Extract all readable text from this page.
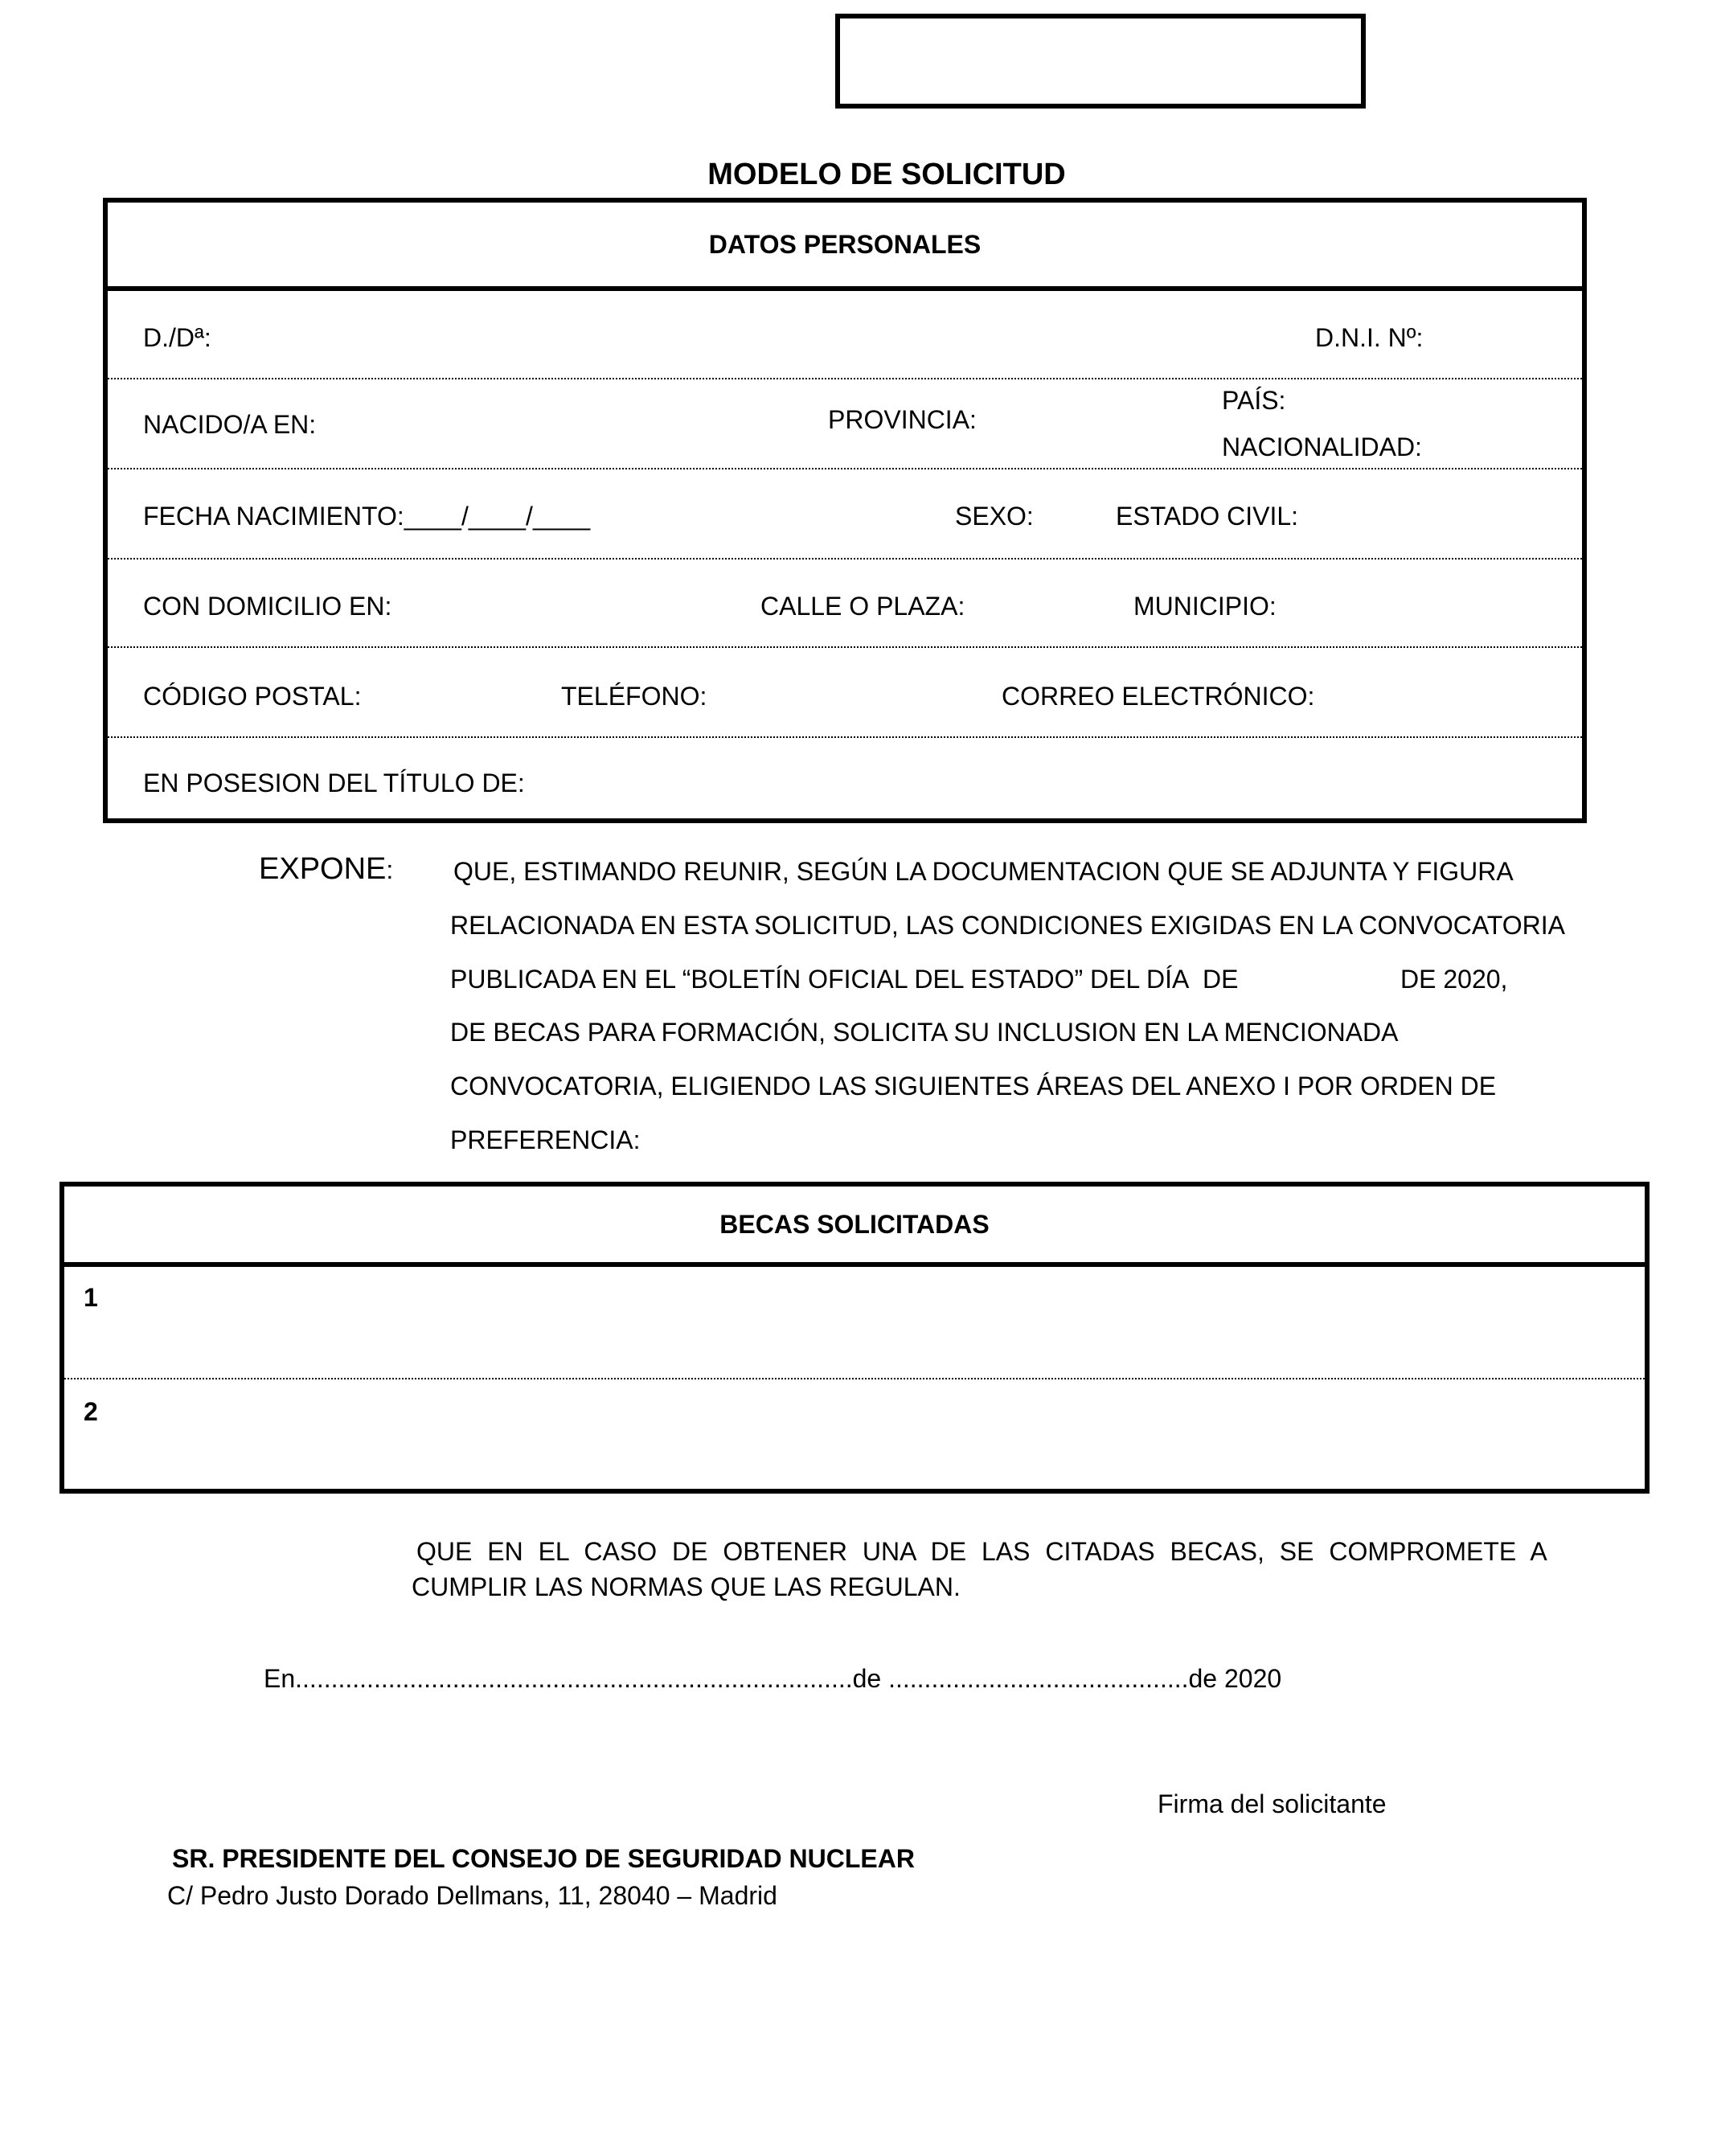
MODELO DE SOLICITUD
DATOS PERSONALES
D./Dª:	D.N.I. Nº:
NACIDO/A EN:	PROVINCIA:
PAÍS:
NACIONALIDAD:
FECHA NACIMIENTO:____/____/____	SEXO:	ESTADO CIVIL:
CON DOMICILIO EN:	CALLE O PLAZA:	MUNICIPIO:
CÓDIGO POSTAL:	TELÉFONO:	CORREO ELECTRÓNICO:
EN POSESION DEL TÍTULO DE:
EXPONE: QUE, ESTIMANDO REUNIR, SEGÚN LA DOCUMENTACION QUE SE ADJUNTA Y FIGURA
RELACIONADA EN ESTA SOLICITUD, LAS CONDICIONES EXIGIDAS EN LA CONVOCATORIA
PUBLICADA EN EL “BOLETÍN OFICIAL DEL ESTADO” DEL DÍA DE	DE 2020,
DE BECAS PARA FORMACIÓN, SOLICITA SU INCLUSION EN LA MENCIONADA
CONVOCATORIA, ELIGIENDO LAS SIGUIENTES ÁREAS DEL ANEXO I POR ORDEN DE
PREFERENCIA:
BECAS SOLICITADAS
1
2
QUE EN EL CASO DE OBTENER UNA DE LAS CITADAS BECAS, SE COMPROMETE A
CUMPLIR LAS NORMAS QUE LAS REGULAN.
En..............................................................................de ..........................................de 2020
Firma del solicitante
SR. PRESIDENTE DEL CONSEJO DE SEGURIDAD NUCLEAR
C/ Pedro Justo Dorado Dellmans, 11, 28040 – Madrid
